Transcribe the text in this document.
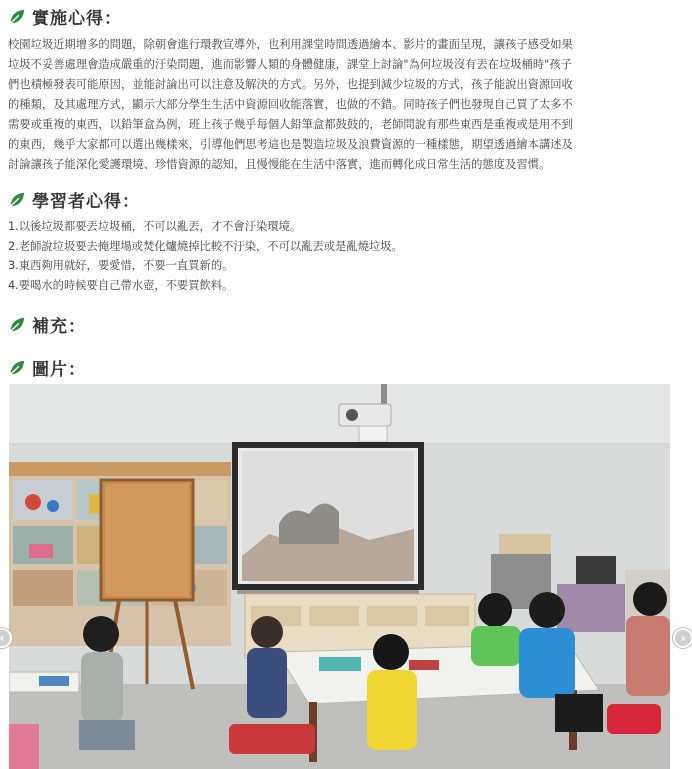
實施心得：
校園垃圾近期增多的問題，除朝會進行環教宣導外，也利用課堂時間透過繪本、影片的畫面呈現，讓孩子感受如果
垃圾不妥善處理會造成嚴重的汙染問題，進而影響人類的身體健康，課堂上討論"為何垃圾沒有丟在垃圾桶時"孩子
們也積極發表可能原因，並能討論出可以注意及解決的方式。另外，也提到減少垃圾的方式，孩子能說出資源回收
的種類，及其處理方式，顯示大部分學生生活中資源回收能落實，也做的不錯。同時孩子們也發現自己買了太多不
需要或重複的東西，以鉛筆盒為例，班上孩子幾乎每個人鉛筆盒都鼓鼓的，老師問說有那些東西是重複或是用不到
的東西，幾乎大家都可以選出幾樣來，引導他們思考這也是製造垃圾及浪費資源的一種樣態，期望透過繪本講述及
討論讓孩子能深化愛護環境、珍惜資源的認知，且慢慢能在生活中落實，進而轉化成日常生活的態度及習慣。
學習者心得：
1.以後垃圾都要丟垃圾桶，不可以亂丟，才不會汙染環境。
2.老師說垃圾要去掩埋場或焚化爐燒掉比較不汙染，不可以亂丟或是亂燒垃圾。
3.東西夠用就好，要愛惜，不要一直買新的。
4.要喝水的時候要自己帶水壺，不要買飲料。
補充：
圖片：
‹	›
